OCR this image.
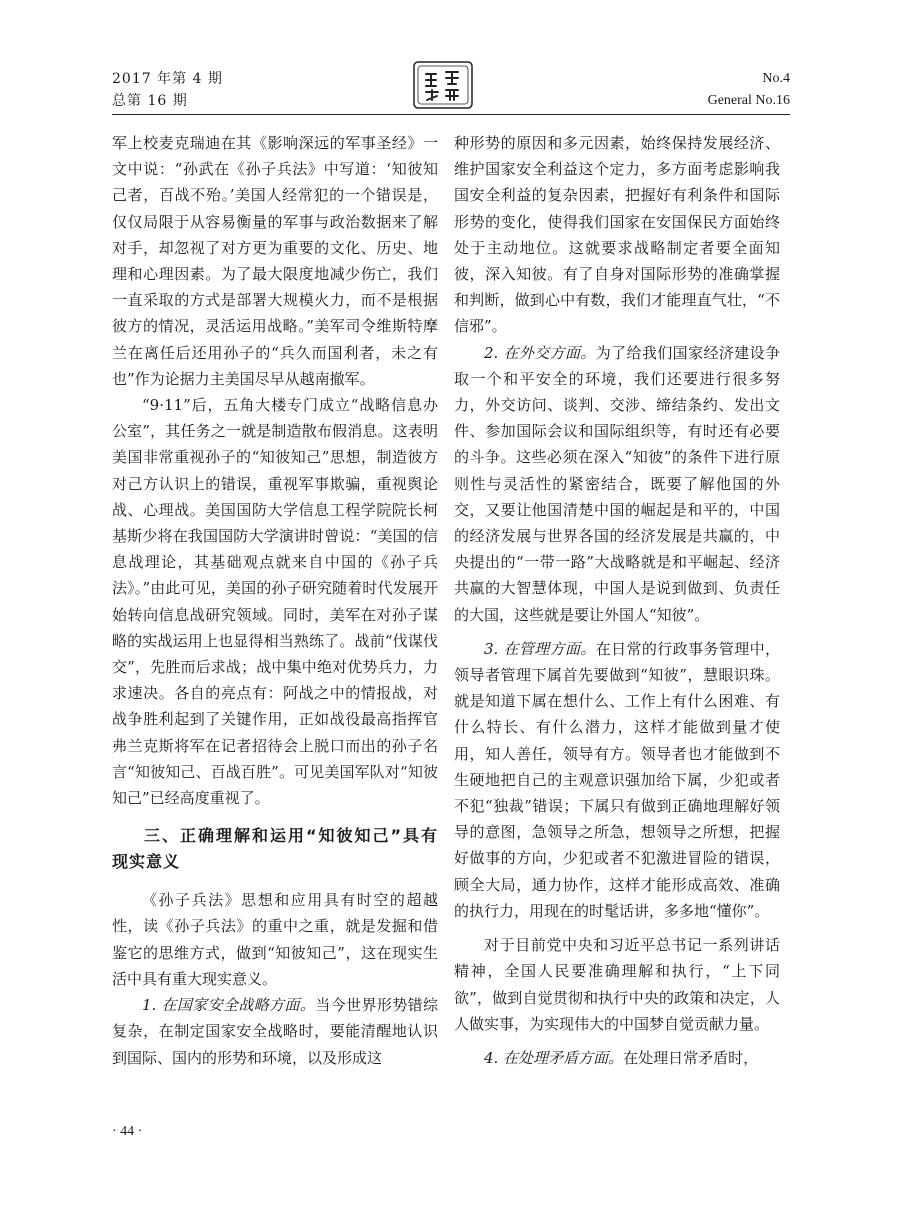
2017 年第 4 期
总第 16 期
No.4
General No.16

军上校麦克瑞迪在其《影响深远的军事圣经》一文中说：“孙武在《孙子兵法》中写道：‘知彼知己者，百战不殆。’美国人经常犯的一个错误是，仅仅局限于从容易衡量的军事与政治数据来了解对手，却忽视了对方更为重要的文化、历史、地理和心理因素。为了最大限度地减少伤亡，我们一直采取的方式是部署大规模火力，而不是根据彼方的情况，灵活运用战略。”美军司令维斯特摩兰在离任后还用孙子的“兵久而国利者，未之有也”作为论据力主美国尽早从越南撤军。

“9·11”后，五角大楼专门成立“战略信息办公室”，其任务之一就是制造散布假消息。这表明美国非常重视孙子的“知彼知己”思想，制造彼方对己方认识上的错误，重视军事欺骗，重视舆论战、心理战。美国国防大学信息工程学院院长柯基斯少将在我国国防大学演讲时曾说：“美国的信息战理论，其基础观点就来自中国的《孙子兵法》。”由此可见，美国的孙子研究随着时代发展开始转向信息战研究领域。同时，美军在对孙子谋略的实战运用上也显得相当熟练了。战前“伐谋伐交”，先胜而后求战；战中集中绝对优势兵力，力求速决。各自的亮点有：阿战之中的情报战，对战争胜利起到了关键作用，正如战役最高指挥官弗兰克斯将军在记者招待会上脱口而出的孙子名言“知彼知己、百战百胜”。可见美国军队对“知彼知己”已经高度重视了。

三、正确理解和运用“知彼知己”具有现实意义

《孙子兵法》思想和应用具有时空的超越性，读《孙子兵法》的重中之重，就是发掘和借鉴它的思维方式，做到“知彼知己”，这在现实生活中具有重大现实意义。

1. 在国家安全战略方面。当今世界形势错综复杂，在制定国家安全战略时，要能清醒地认识到国际、国内的形势和环境，以及形成这

种形势的原因和多元因素，始终保持发展经济、维护国家安全利益这个定力，多方面考虑影响我国安全利益的复杂因素，把握好有利条件和国际形势的变化，使得我们国家在安国保民方面始终处于主动地位。这就要求战略制定者要全面知彼，深入知彼。有了自身对国际形势的准确掌握和判断，做到心中有数，我们才能理直气壮，“不信邪”。

2. 在外交方面。为了给我们国家经济建设争取一个和平安全的环境，我们还要进行很多努力，外交访问、谈判、交涉、缔结条约、发出文件、参加国际会议和国际组织等，有时还有必要的斗争。这些必须在深入“知彼”的条件下进行原则性与灵活性的紧密结合，既要了解他国的外交，又要让他国清楚中国的崛起是和平的，中国的经济发展与世界各国的经济发展是共赢的，中央提出的“一带一路”大战略就是和平崛起、经济共赢的大智慧体现，中国人是说到做到、负责任的大国，这些就是要让外国人“知彼”。

3. 在管理方面。在日常的行政事务管理中，领导者管理下属首先要做到“知彼”，慧眼识珠。就是知道下属在想什么、工作上有什么困难、有什么特长、有什么潜力，这样才能做到量才使用，知人善任，领导有方。领导者也才能做到不生硬地把自己的主观意识强加给下属，少犯或者不犯“独裁”错误；下属只有做到正确地理解好领导的意图，急领导之所急，想领导之所想，把握好做事的方向，少犯或者不犯激进冒险的错误，顾全大局，通力协作，这样才能形成高效、准确的执行力，用现在的时髦话讲，多多地“懂你”。

对于目前党中央和习近平总书记一系列讲话精神，全国人民要准确理解和执行，“上下同欲”，做到自觉贯彻和执行中央的政策和决定，人人做实事，为实现伟大的中国梦自觉贡献力量。

4. 在处理矛盾方面。在处理日常矛盾时，

· 44 ·
